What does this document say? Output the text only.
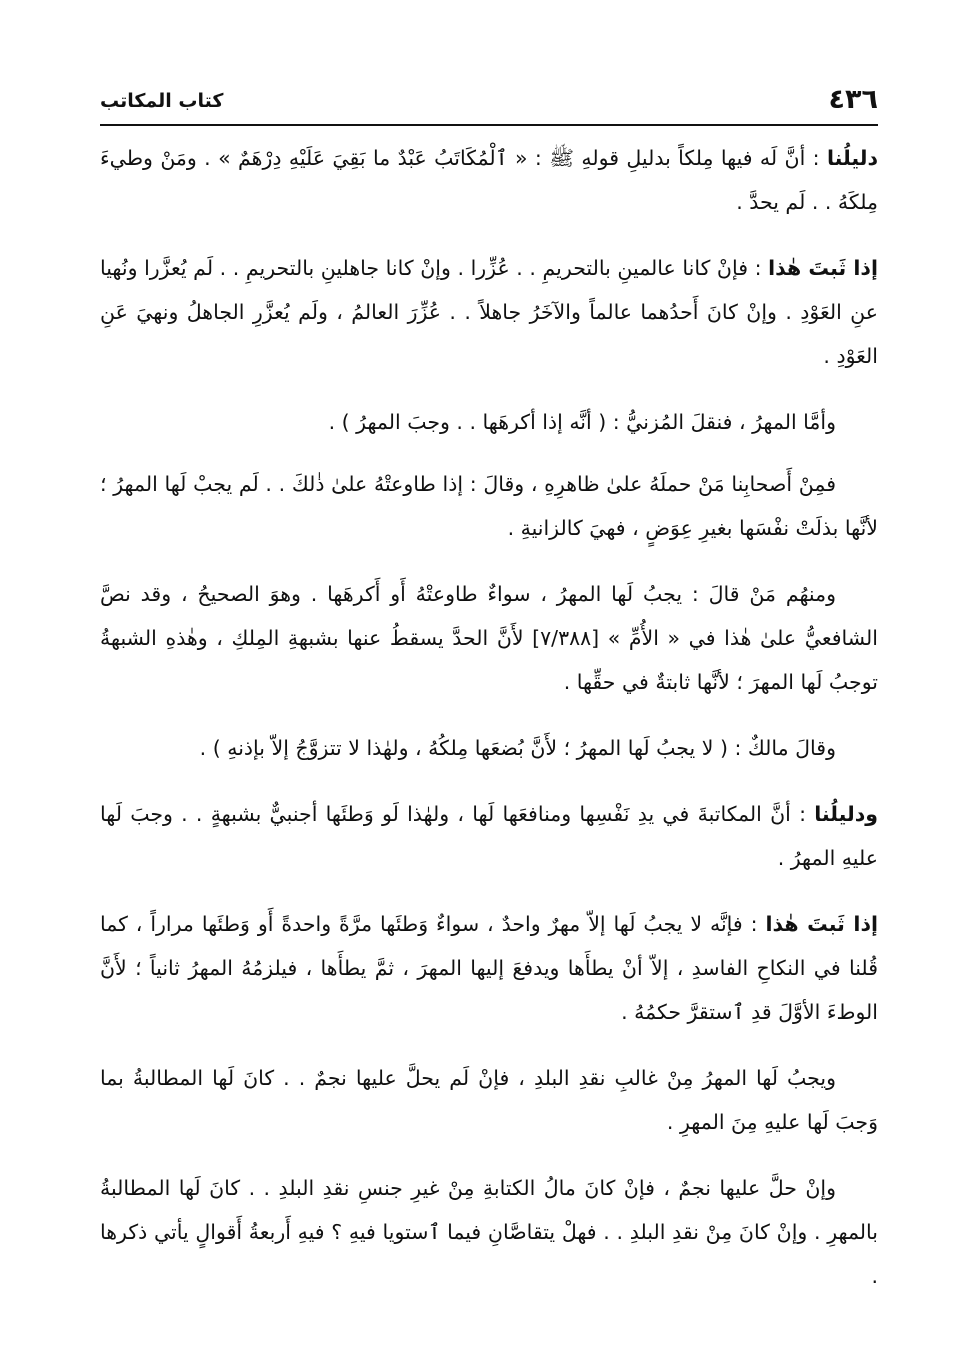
٤٣٦
كتاب المكاتب

دليلُنا : أنَّ لَه فيها مِلكاً بدليلِ قولهِ ﷺ : « ٱلْمُكَاتَبُ عَبْدٌ ما بَقِيَ عَلَيْهِ دِرْهَمٌ » . ومَنْ وطيءَ مِلكَهُ . . لَم يحدَّ .

إذا ثَبتَ هٰذا : فإنْ كانا عالمينِ بالتحريمِ . . عُزِّرا . وإنْ كانا جاهلينِ بالتحريمِ . . لَم يُعزَّرا ونُهيا عنِ العَوْدِ . وإنْ كانَ أَحدُهما عالماً والآخَرُ جاهلاً . . عُزِّرَ العالمُ ، ولَم يُعزَّرِ الجاهلُ ونهيَ عَنِ العَوْدِ .

وأمَّا المهرُ ، فنقلَ المُزنيُّ : ( أنَّه إذا أكرهَها . . وجبَ المهرُ ) .

فمِنْ أَصحابِنا مَنْ حملَهُ علىٰ ظاهرِهِ ، وقالَ : إذا طاوعتْهُ علىٰ ذٰلكَ . . لَم يجبْ لَها المهرُ ؛ لأنَّها بذلَتْ نفْسَها بغيرِ عِوَضٍ ، فهيَ كالزانيةِ .

ومنهُم مَنْ قالَ : يجبُ لَها المهرُ ، سواءٌ طاوعتْهُ أَو أَكرهَها . وهوَ الصحيحُ ، وقد نصَّ الشافعيُّ علىٰ هٰذا في « الأُمِّ » [٧/٣٨٨] لأَنَّ الحدَّ يسقطُ عنها بشبهةِ المِلكِ ، وهٰذهِ الشبهةُ توجبُ لَها المهرَ ؛ لأنَّها ثابتةٌ في حقِّها .

وقالَ مالكٌ : ( لا يجبُ لَها المهرُ ؛ لأَنَّ بُضعَها مِلكُهُ ، ولهٰذا لا تتزوَّجُ إلاّ بإذنهِ ) .

ودليلُنا : أنَّ المكاتبةَ في يدِ نَفْسِها ومنافعَها لَها ، ولهٰذا لَو وَطئَها أجنبيٌّ بشبهةٍ . . وجبَ لَها عليهِ المهرُ .

إذا ثَبتَ هٰذا : فإنَّه لا يجبُ لَها إلاّ مهرٌ واحدٌ ، سواءٌ وَطئَها مرَّةً واحدةً أَو وَطئَها مراراً ، كما قُلنا في النكاحِ الفاسدِ ، إلاّ أنْ يطأَها ويدفعَ إليها المهرَ ، ثمَّ يطأَها ، فيلزمُهُ المهرُ ثانياً ؛ لأَنَّ الوطءَ الأوَّلَ قدِ ٱستقرَّ حكمُهُ .

ويجبُ لَها المهرُ مِنْ غالبِ نقدِ البلدِ ، فإنْ لَم يحلَّ عليها نجمٌ . . كانَ لَها المطالبةُ بما وَجبَ لَها عليهِ مِنَ المهرِ .

وإنْ حلَّ عليها نجمٌ ، فإنْ كانَ مالُ الكتابةِ مِنْ غيرِ جنسِ نقدِ البلدِ . . كانَ لَها المطالبةُ بالمهرِ . وإنْ كانَ مِنْ نقدِ البلدِ . . فهلْ يتقاصَّانِ فيما ٱستويا فيهِ ؟ فيهِ أَربعةُ أَقوالٍ يأتي ذكرها .
